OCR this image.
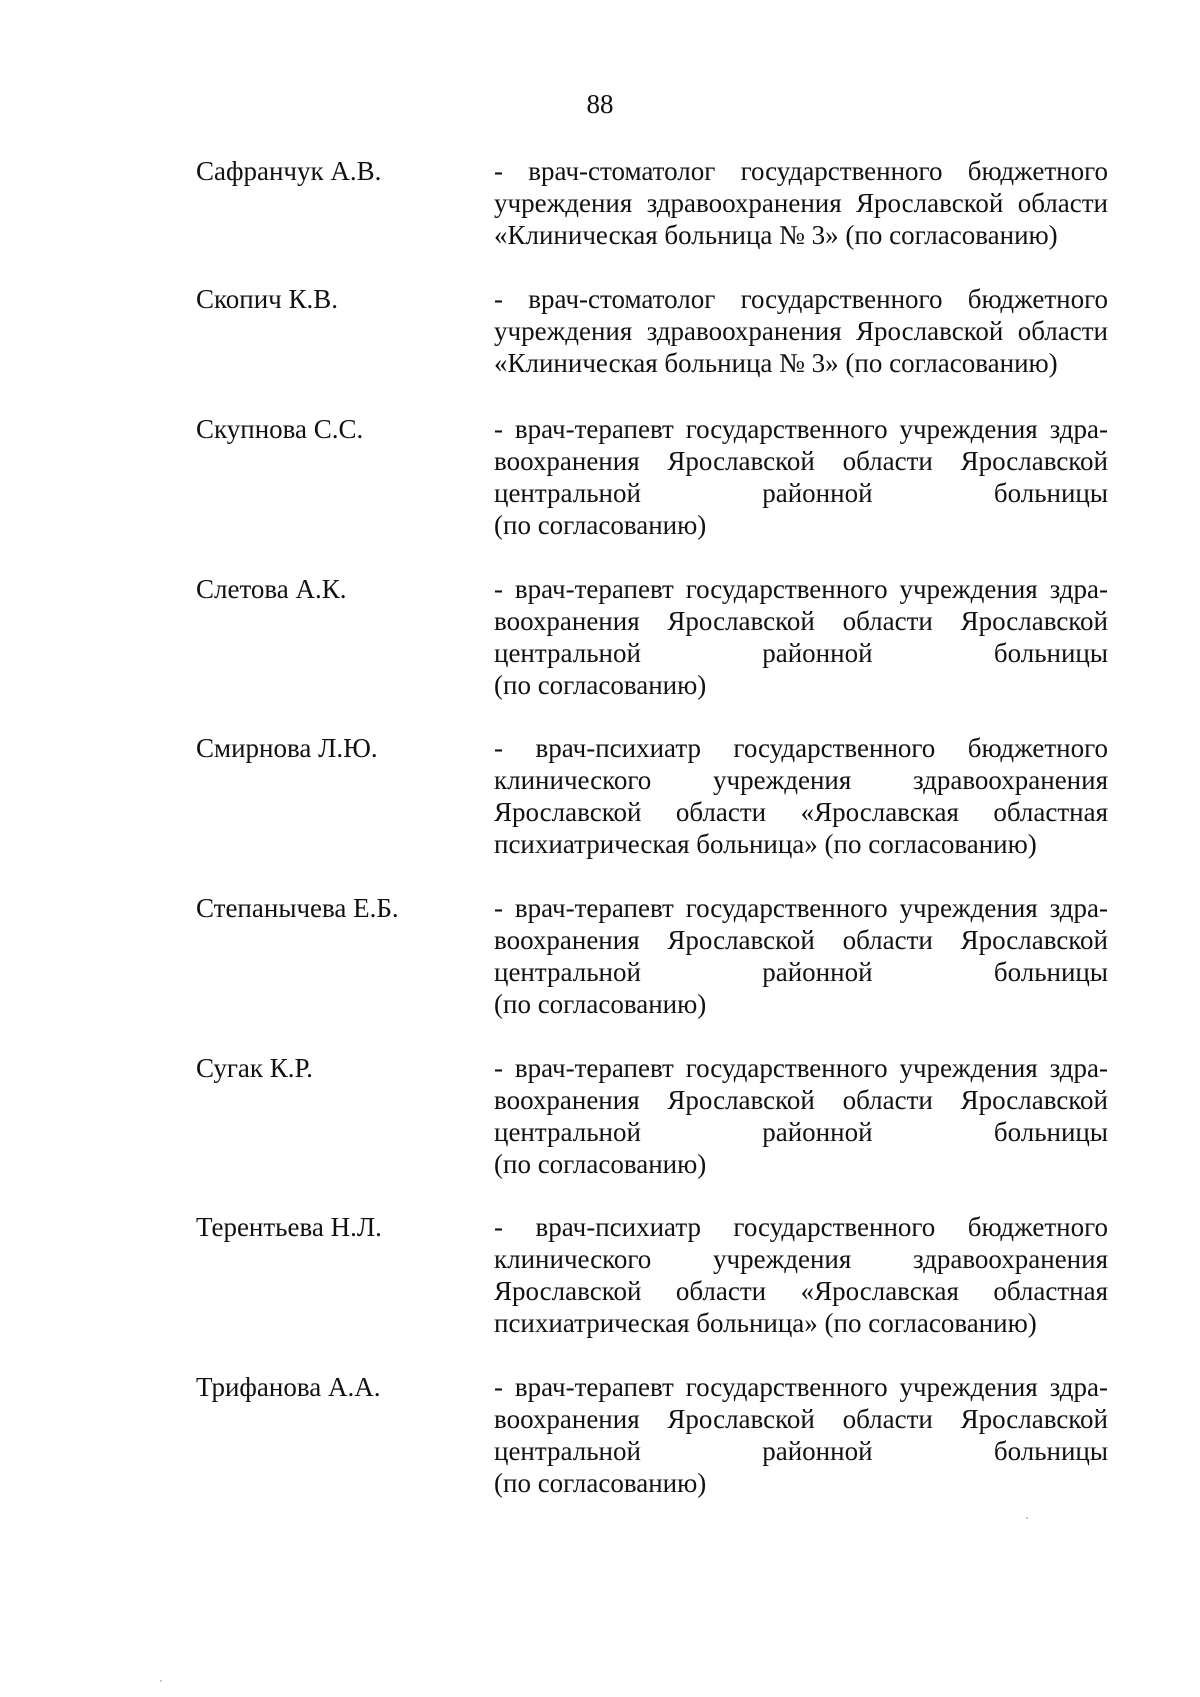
88
Сафранчук А.В.	- врач-стоматолог государственного бюджетного
учреждения здравоохранения Ярославской области
«Клиническая больница № 3» (по согласованию)
Скопич К.В.	- врач-стоматолог государственного бюджетного
учреждения здравоохранения Ярославской области
«Клиническая больница № 3» (по согласованию)
Скупнова С.С.	- врач-терапевт государственного учреждения здра-
воохранения Ярославской области Ярославской
центральной районной больницы
(по согласованию)
Слетова А.К.	- врач-терапевт государственного учреждения здра-
воохранения Ярославской области Ярославской
центральной районной больницы
(по согласованию)
Смирнова Л.Ю.	- врач-психиатр государственного бюджетного
клинического учреждения здравоохранения
Ярославской области «Ярославская областная
психиатрическая больница» (по согласованию)
Степанычева Е.Б.	- врач-терапевт государственного учреждения здра-
воохранения Ярославской области Ярославской
центральной районной больницы
(по согласованию)
Сугак К.Р.	- врач-терапевт государственного учреждения здра-
воохранения Ярославской области Ярославской
центральной районной больницы
(по согласованию)
Терентьева Н.Л.	- врач-психиатр государственного бюджетного
клинического учреждения здравоохранения
Ярославской области «Ярославская областная
психиатрическая больница» (по согласованию)
Трифанова А.А.	- врач-терапевт государственного учреждения здра-
воохранения Ярославской области Ярославской
центральной районной больницы
(по согласованию)
